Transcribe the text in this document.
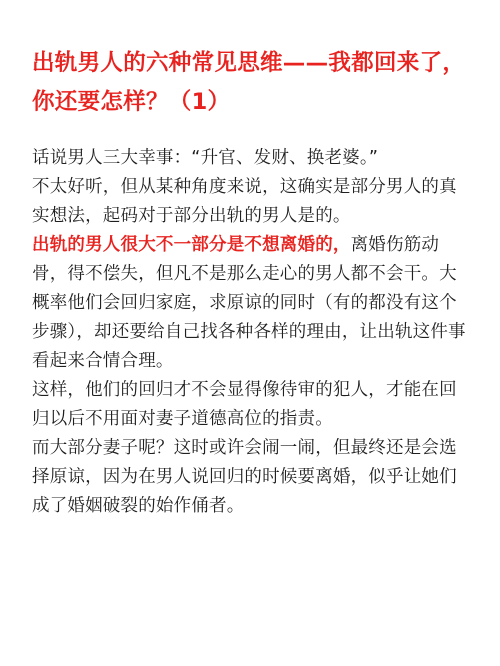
出轨男人的六种常见思维——我都回来了，你还要怎样？（1）

话说男人三大幸事：“升官、发财、换老婆。”

不太好听，但从某种角度来说，这确实是部分男人的真实想法，起码对于部分出轨的男人是的。

出轨的男人很大不一部分是不想离婚的，离婚伤筋动骨，得不偿失，但凡不是那么走心的男人都不会干。大概率他们会回归家庭，求原谅的同时（有的都没有这个步骤），却还要给自己找各种各样的理由，让出轨这件事看起来合情合理。

这样，他们的回归才不会显得像待审的犯人，才能在回归以后不用面对妻子道德高位的指责。

而大部分妻子呢？这时或许会闹一闹，但最终还是会选择原谅，因为在男人说回归的时候要离婚，似乎让她们成了婚姻破裂的始作俑者。
